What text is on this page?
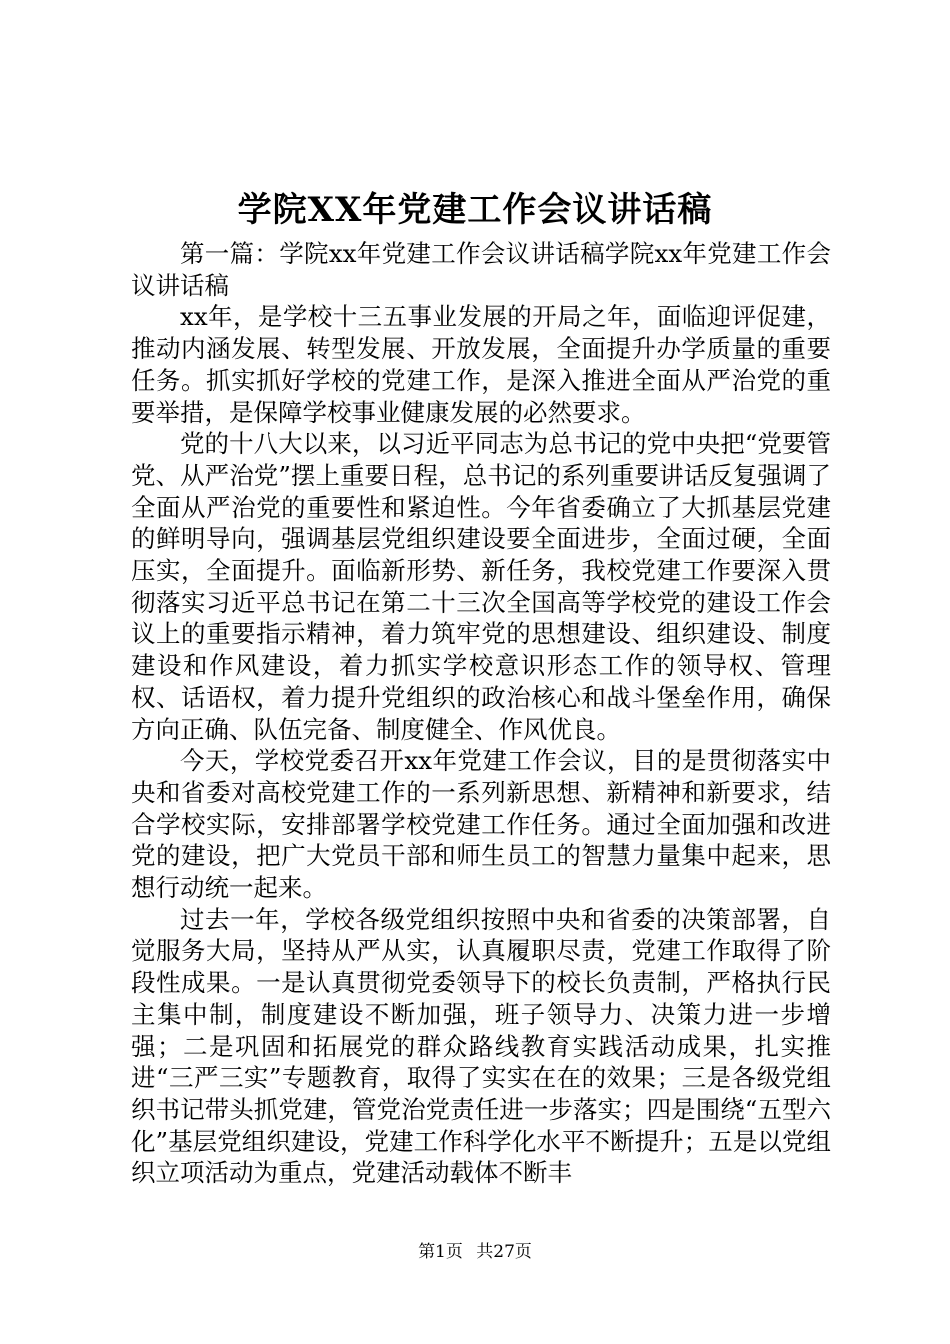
学院XX年党建工作会议讲话稿

第一篇：学院xx年党建工作会议讲话稿学院xx年党建工作会议讲话稿

xx年，是学校十三五事业发展的开局之年，面临迎评促建，推动内涵发展、转型发展、开放发展，全面提升办学质量的重要任务。抓实抓好学校的党建工作，是深入推进全面从严治党的重要举措，是保障学校事业健康发展的必然要求。

党的十八大以来，以习近平同志为总书记的党中央把“党要管党、从严治党”摆上重要日程，总书记的系列重要讲话反复强调了全面从严治党的重要性和紧迫性。今年省委确立了大抓基层党建的鲜明导向，强调基层党组织建设要全面进步，全面过硬，全面压实，全面提升。面临新形势、新任务，我校党建工作要深入贯彻落实习近平总书记在第二十三次全国高等学校党的建设工作会议上的重要指示精神，着力筑牢党的思想建设、组织建设、制度建设和作风建设，着力抓实学校意识形态工作的领导权、管理权、话语权，着力提升党组织的政治核心和战斗堡垒作用，确保方向正确、队伍完备、制度健全、作风优良。

今天，学校党委召开xx年党建工作会议，目的是贯彻落实中央和省委对高校党建工作的一系列新思想、新精神和新要求，结合学校实际，安排部署学校党建工作任务。通过全面加强和改进党的建设，把广大党员干部和师生员工的智慧力量集中起来，思想行动统一起来。

过去一年，学校各级党组织按照中央和省委的决策部署，自觉服务大局，坚持从严从实，认真履职尽责，党建工作取得了阶段性成果。一是认真贯彻党委领导下的校长负责制，严格执行民主集中制，制度建设不断加强，班子领导力、决策力进一步增强；二是巩固和拓展党的群众路线教育实践活动成果，扎实推进“三严三实”专题教育，取得了实实在在的效果；三是各级党组织书记带头抓党建，管党治党责任进一步落实；四是围绕“五型六化”基层党组织建设，党建工作科学化水平不断提升；五是以党组织立项活动为重点，党建活动载体不断丰

第1页 共27页
